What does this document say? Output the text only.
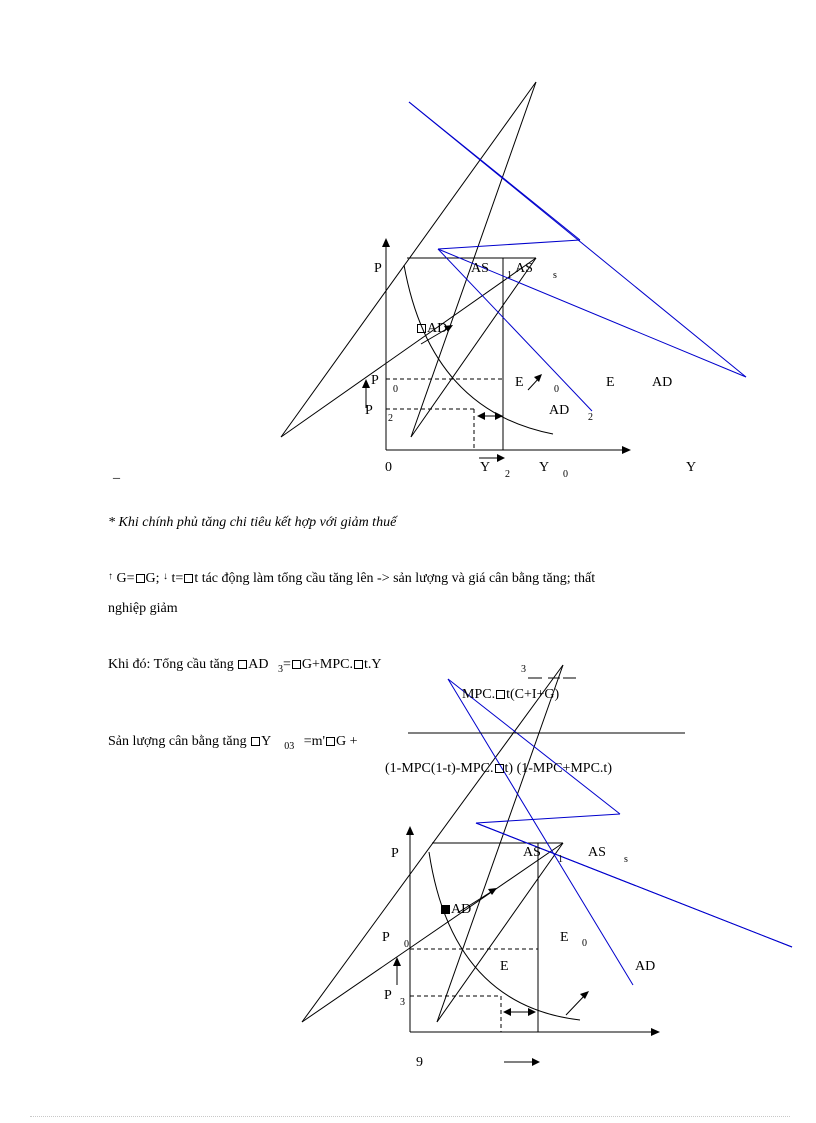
P	AS 1 AS s
AD
P
0	E	0	E	AD
P
2
AD 2
0	Y 2 Y 0	Y
_
* Khi chính phủ tăng chi tiêu kết hợp với giảm thuế
↑ G= G; ↓ t= t tác động làm tổng cầu tăng lên -> sản lượng và giá cân bằng tăng; thất
nghiệp giảm
Khi đó: Tổng cầu tăng AD $_3$= G+MPC. t.Y	3
MPC. t(C+I+G)
Sản lượng cân bằng tăng Y $_{03}$ =m' G +
(1-MPC(1-t)-MPC. t) (1-MPC+MPC.t)
P	AS 1 AS s
AD
P 0	E 0
E	AD
P 3
9
